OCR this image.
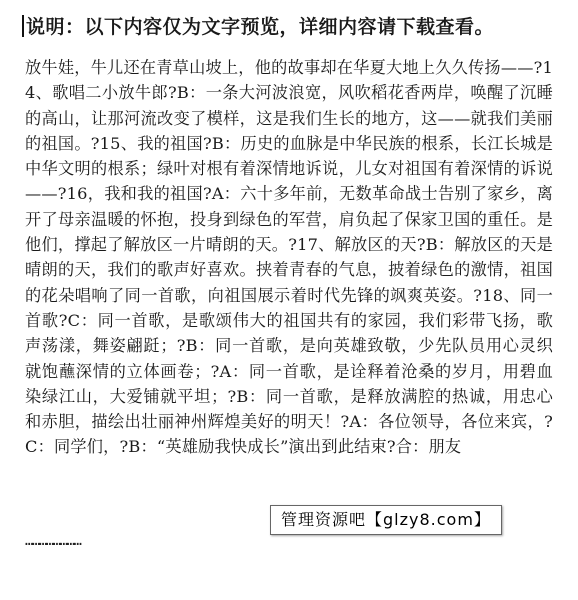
说明：以下内容仅为文字预览，详细内容请下载查看。

放牛娃，牛儿还在青草山坡上，他的故事却在华夏大地上久久传扬——?14、歌唱二小放牛郎?B：一条大河波浪宽，风吹稻花香两岸，唤醒了沉睡的高山，让那河流改变了模样，这是我们生长的地方，这——就我们美丽的祖国。?15、我的祖国?B：历史的血脉是中华民族的根系，长江长城是中华文明的根系；绿叶对根有着深情地诉说，儿女对祖国有着深情的诉说——?16，我和我的祖国?A：六十多年前，无数革命战士告别了家乡，离开了母亲温暖的怀抱，投身到绿色的军营，肩负起了保家卫国的重任。是他们，撑起了解放区一片晴朗的天。?17、解放区的天?B：解放区的天是晴朗的天，我们的歌声好喜欢。挟着青春的气息，披着绿色的激情，祖国的花朵唱响了同一首歌，向祖国展示着时代先锋的飒爽英姿。?18、同一首歌?C：同一首歌，是歌颂伟大的祖国共有的家园，我们彩带飞扬，歌声荡漾，舞姿翩跹；?B：同一首歌，是向英雄致敬，少先队员用心灵织就饱蘸深情的立体画卷；?A：同一首歌，是诠释着沧桑的岁月，用碧血染绿江山，大爱铺就平坦；?B：同一首歌，是释放满腔的热诚，用忠心和赤胆，描绘出壮丽神州辉煌美好的明天！?A：各位领导，各位来宾，?C：同学们，?B：“英雄励我快成长”演出到此结束?合：朋友

管理资源吧【glzy8.com】
……………………
